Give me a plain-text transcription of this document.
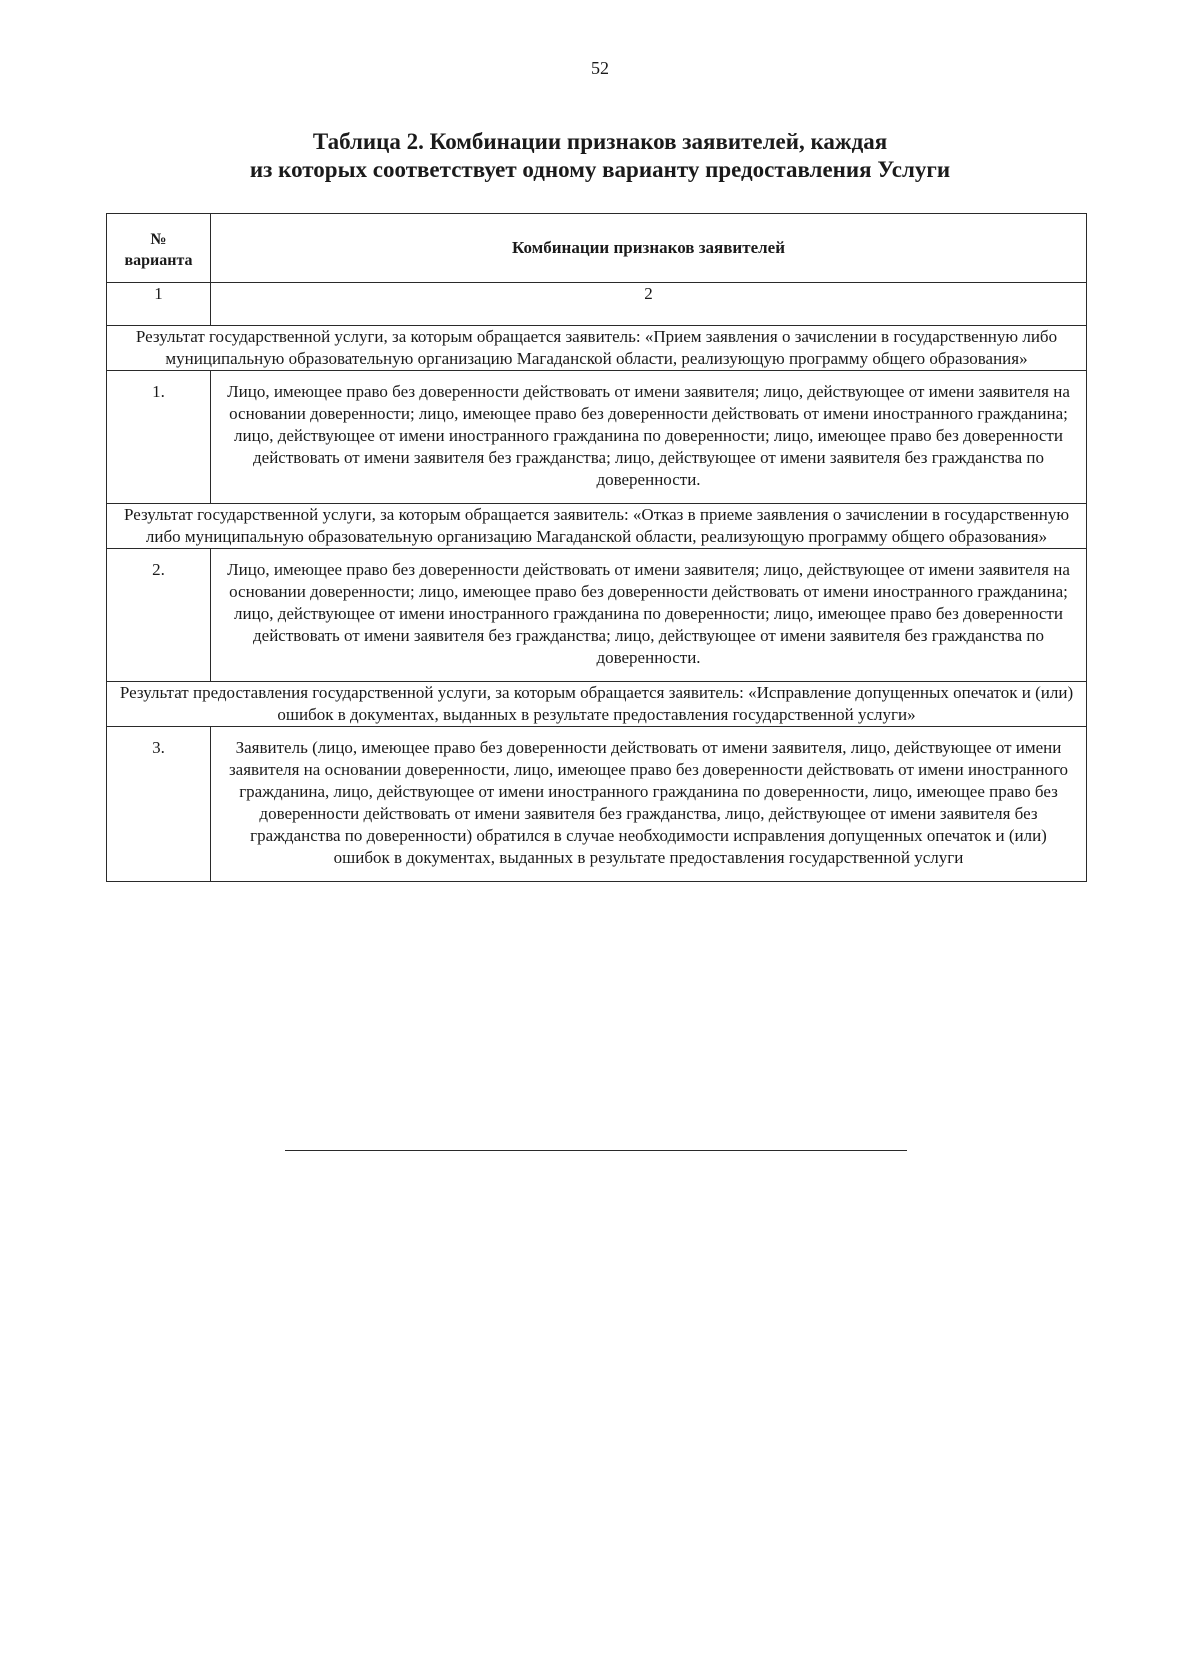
52
Таблица 2. Комбинации признаков заявителей, каждая
из которых соответствует одному варианту предоставления Услуги
№
варианта	Комбинации признаков заявителей
1	2
Результат государственной услуги, за которым обращается заявитель: «Прием заявления о зачислении в государственную либо муниципальную образовательную организацию Магаданской области, реализующую программу общего образования»	
1.	Лицо, имеющее право без доверенности действовать от имени заявителя; лицо, действующее от имени заявителя на основании доверенности; лицо, имеющее право без доверенности действовать от имени иностранного гражданина; лицо, действующее от имени иностранного гражданина по доверенности; лицо, имеющее право без доверенности действовать от имени заявителя без гражданства; лицо, действующее от имени заявителя без гражданства по доверенности.
Результат государственной услуги, за которым обращается заявитель: «Отказ в приеме заявления о зачислении в государственную либо муниципальную образовательную организацию Магаданской области, реализующую программу общего образования»	
2.	Лицо, имеющее право без доверенности действовать от имени заявителя; лицо, действующее от имени заявителя на основании доверенности; лицо, имеющее право без доверенности действовать от имени иностранного гражданина; лицо, действующее от имени иностранного гражданина по доверенности; лицо, имеющее право без доверенности действовать от имени заявителя без гражданства; лицо, действующее от имени заявителя без гражданства по доверенности.
Результат предоставления государственной услуги, за которым обращается заявитель: «Исправление допущенных опечаток и (или) ошибок в документах, выданных в результате предоставления государственной услуги»	
3.	Заявитель (лицо, имеющее право без доверенности действовать от имени заявителя, лицо, действующее от имени заявителя на основании доверенности, лицо, имеющее право без доверенности действовать от имени иностранного гражданина, лицо, действующее от имени иностранного гражданина по доверенности, лицо, имеющее право без доверенности действовать от имени заявителя без гражданства, лицо, действующее от имени заявителя без гражданства по доверенности) обратился в случае необходимости исправления допущенных опечаток и (или) ошибок в документах, выданных в результате предоставления государственной услуги
